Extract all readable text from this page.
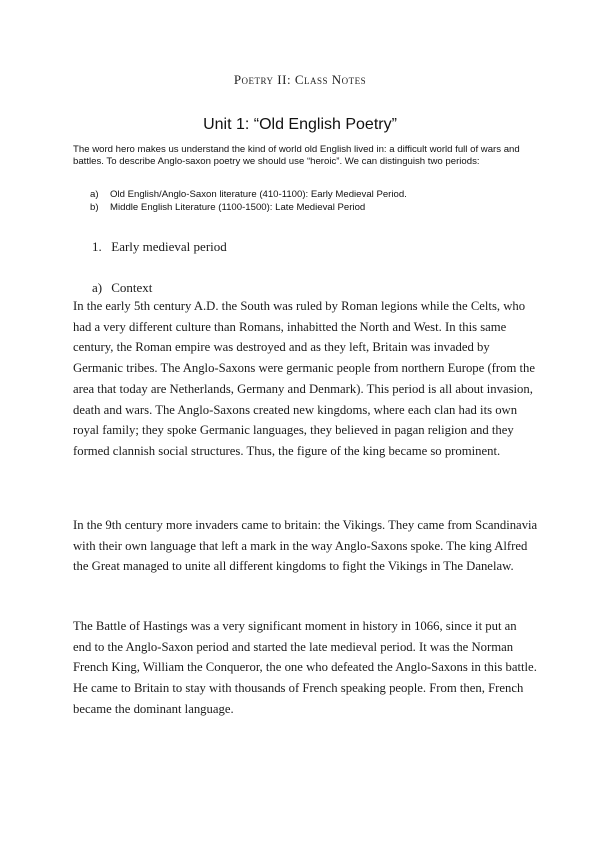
Poetry II: Class Notes
Unit 1: “Old English Poetry”
The word hero makes us understand the kind of world old English lived in: a difficult world full of wars and battles. To describe Anglo-saxon poetry we should use “heroic”. We can distinguish two periods:
a) Old English/Anglo-Saxon literature (410-1100): Early Medieval Period.
b) Middle English Literature (1100-1500): Late Medieval Period
1. Early medieval period
a) Context

In the early 5th century A.D. the South was ruled by Roman legions while the Celts, who had a very different culture than Romans, inhabitted the North and West. In this same century, the Roman empire was destroyed and as they left, Britain was invaded by Germanic tribes. The Anglo-Saxons were germanic people from northern Europe (from the area that today are Netherlands, Germany and Denmark). This period is all about invasion, death and wars. The Anglo-Saxons created new kingdoms, where each clan had its own royal family; they spoke Germanic languages, they believed in pagan religion and they formed clannish social structures. Thus, the figure of the king became so prominent.

In the 9th century more invaders came to britain: the Vikings. They came from Scandinavia with their own language that left a mark in the way Anglo-Saxons spoke. The king Alfred the Great managed to unite all different kingdoms to fight the Vikings in The Danelaw.

The Battle of Hastings was a very significant moment in history in 1066, since it put an end to the Anglo-Saxon period and started the late medieval period. It was the Norman French King, William the Conqueror, the one who defeated the Anglo-Saxons in this battle. He came to Britain to stay with thousands of French speaking people. From then, French became the dominant language.
